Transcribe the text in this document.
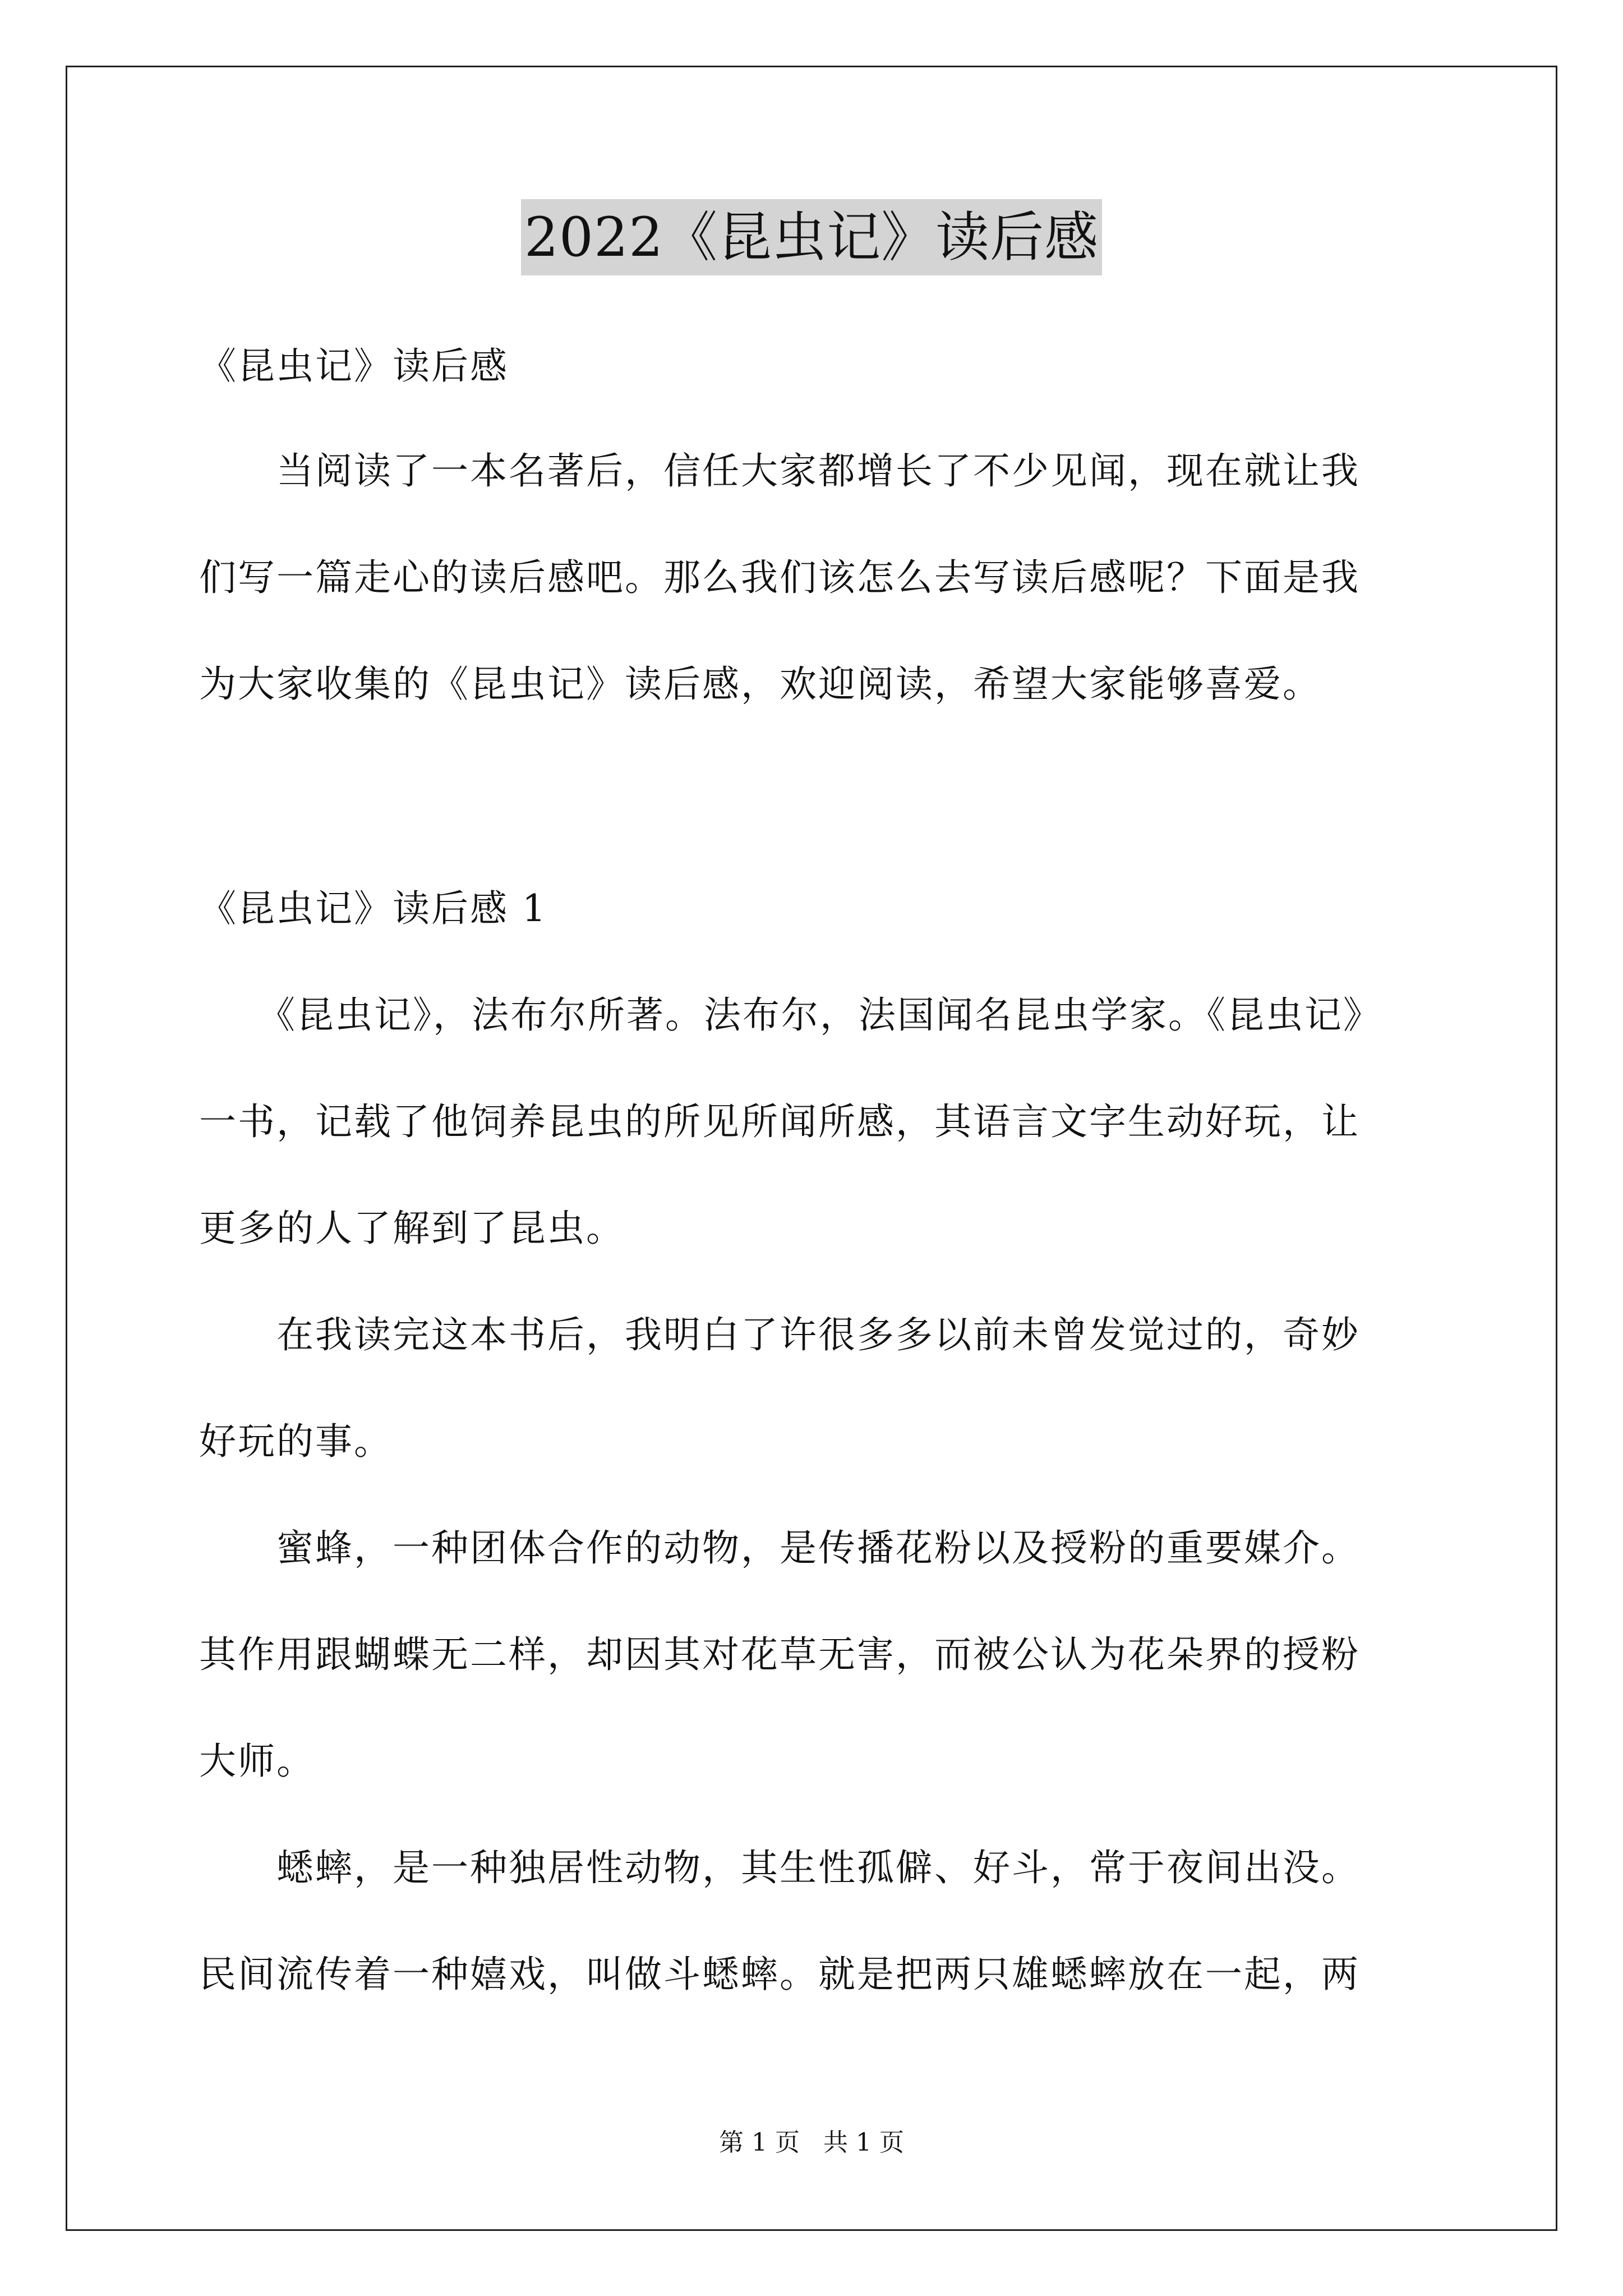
2022《昆虫记》读后感
《昆虫记》读后感
　　当阅读了一本名著后，信任大家都增长了不少见闻，现在就让我
们写一篇走心的读后感吧。那么我们该怎么去写读后感呢？下面是我
为大家收集的《昆虫记》读后感，欢迎阅读，希望大家能够喜爱。
《昆虫记》读后感 1
　　《昆虫记》，法布尔所著。法布尔，法国闻名昆虫学家。《昆虫记》
一书，记载了他饲养昆虫的所见所闻所感，其语言文字生动好玩，让
更多的人了解到了昆虫。
　　在我读完这本书后，我明白了许很多多以前未曾发觉过的，奇妙
好玩的事。
　　蜜蜂，一种团体合作的动物，是传播花粉以及授粉的重要媒介。
其作用跟蝴蝶无二样，却因其对花草无害，而被公认为花朵界的授粉
大师。
　　蟋蟀，是一种独居性动物，其生性孤僻、好斗，常于夜间出没。
民间流传着一种嬉戏，叫做斗蟋蟀。就是把两只雄蟋蟀放在一起，两
第 1 页 共 1 页
